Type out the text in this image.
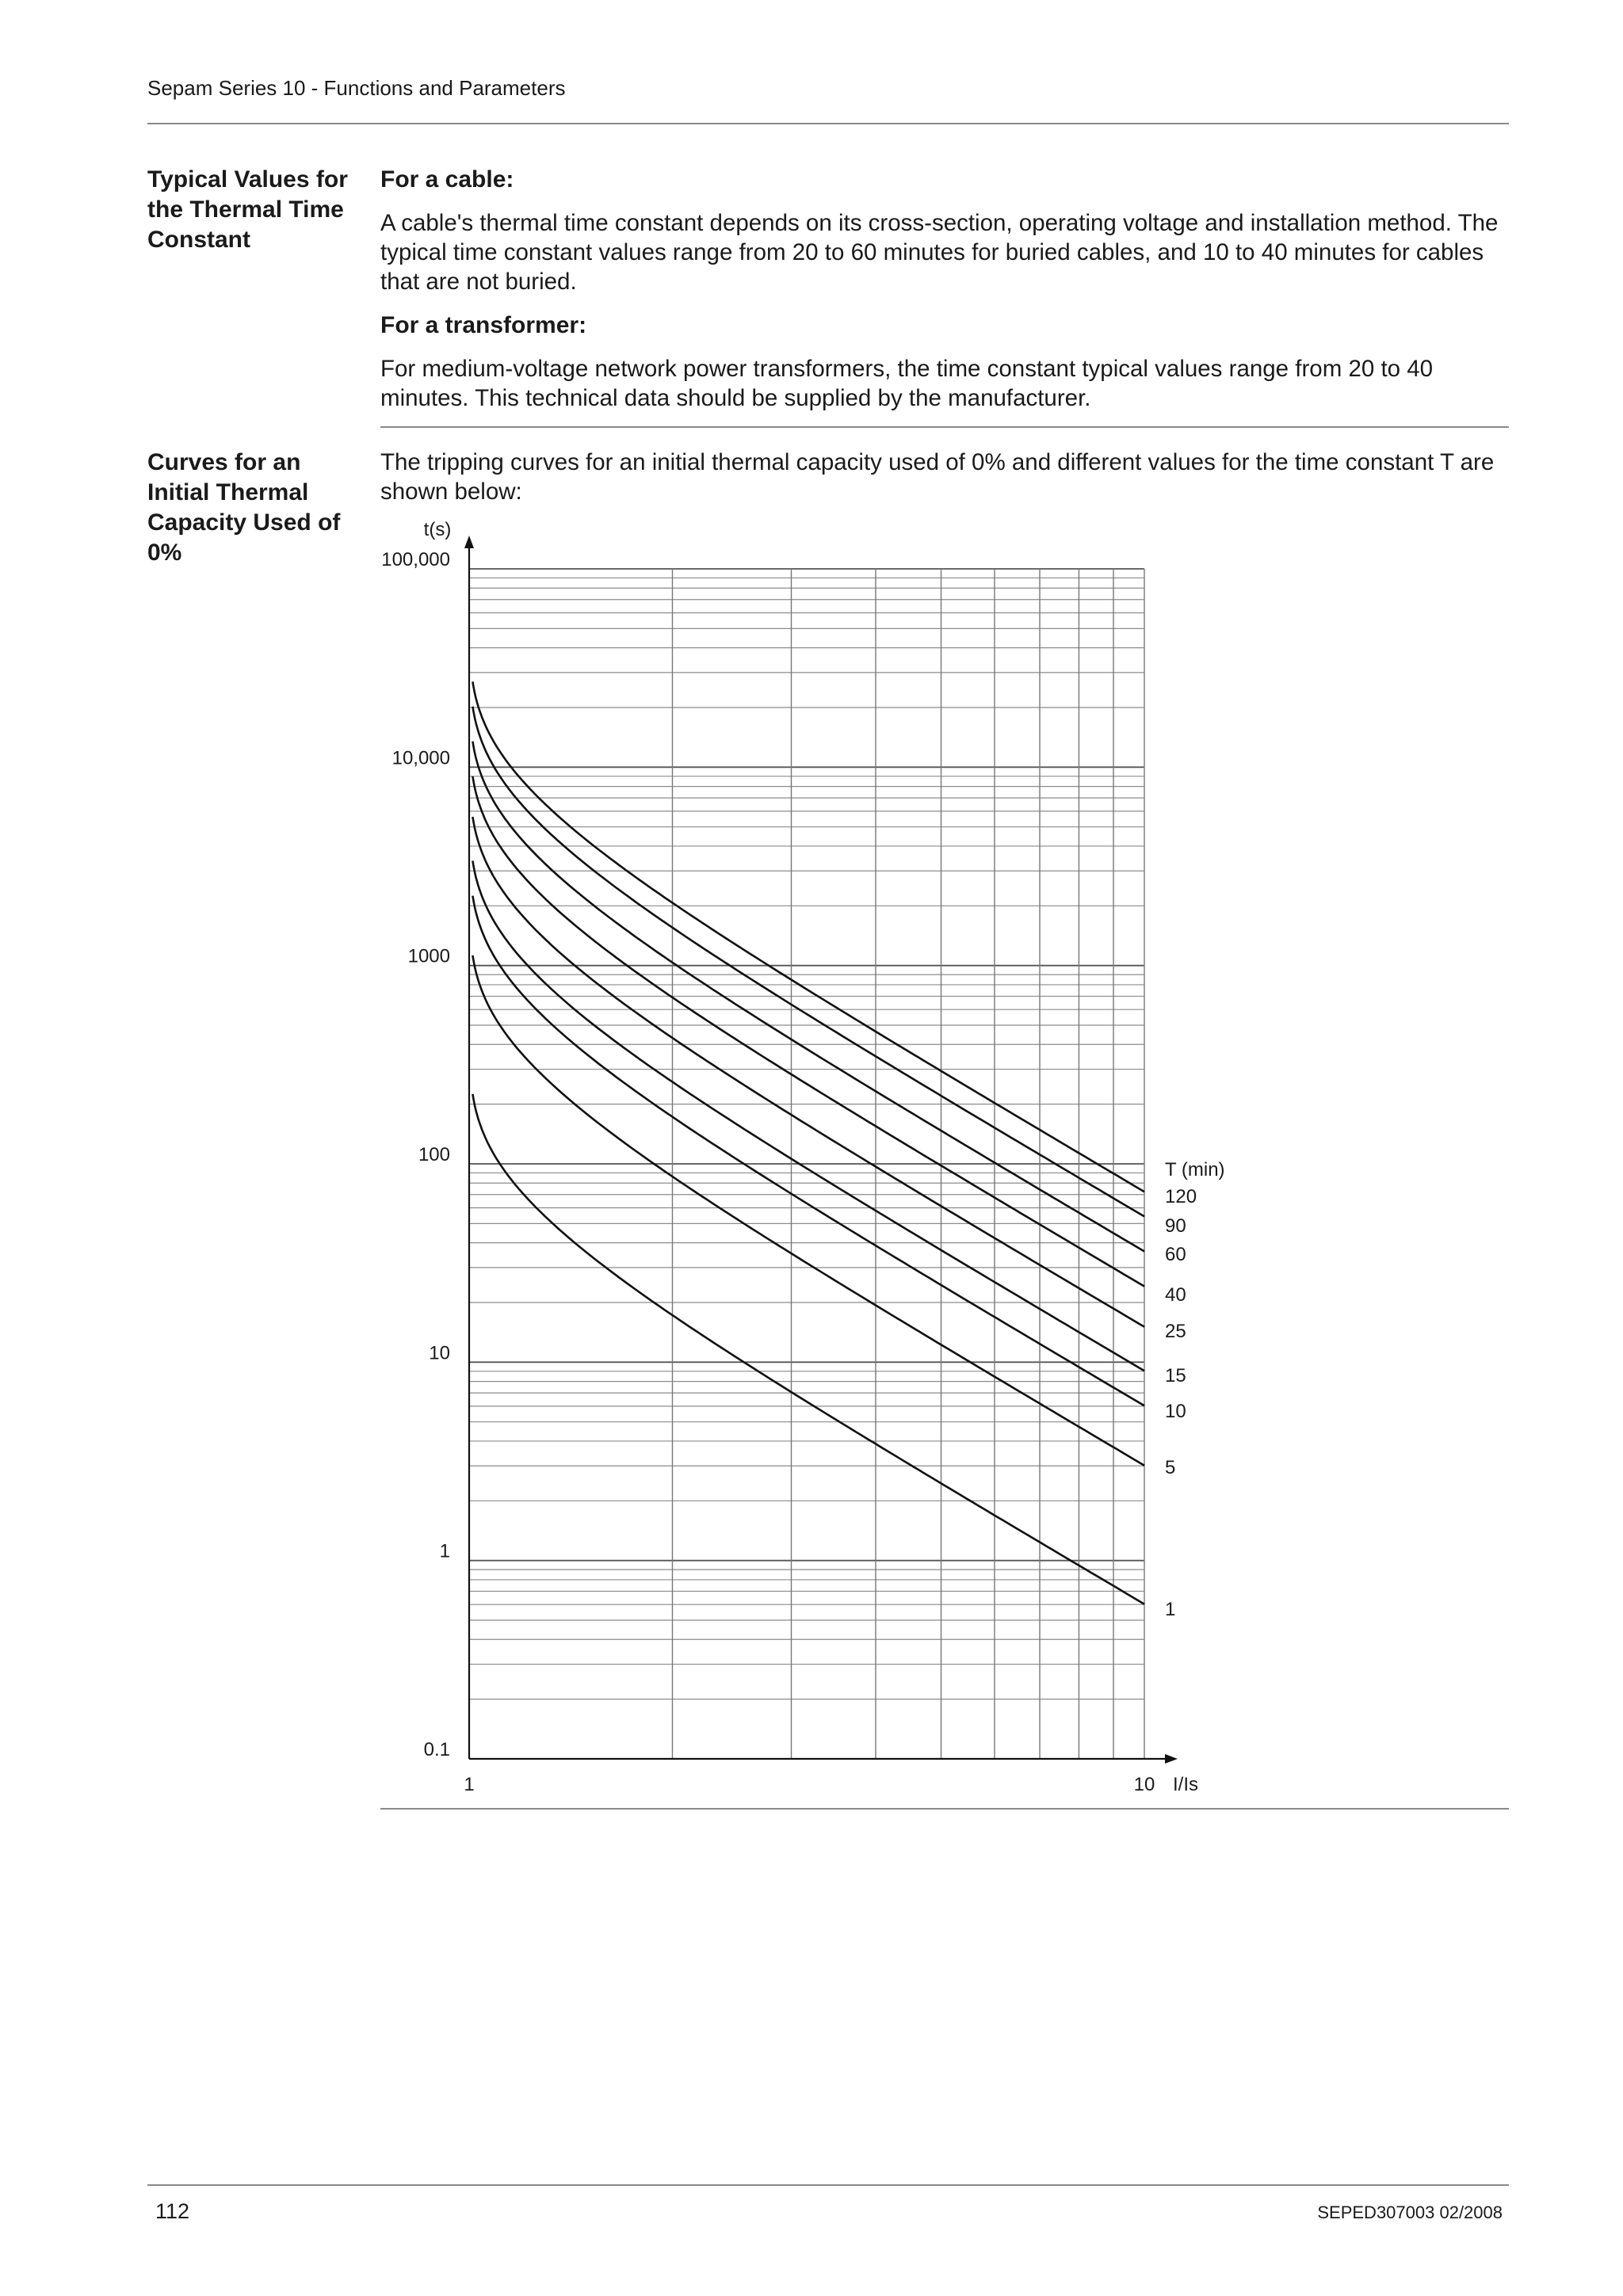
Sepam Series 10 - Functions and Parameters
Typical Values for the Thermal Time Constant
For a cable:

A cable's thermal time constant depends on its cross-section, operating voltage and installation method. The typical time constant values range from 20 to 60 minutes for buried cables, and 10 to 40 minutes for cables that are not buried.

For a transformer:

For medium-voltage network power transformers, the time constant typical values range from 20 to 40 minutes. This technical data should be supplied by the manufacturer.

Curves for an Initial Thermal Capacity Used of 0%
The tripping curves for an initial thermal capacity used of 0% and different values for the time constant T are shown below:
0.1
1
10
100
1000
10,000
100,000
1	10
t(s)
I/Is
T (min)
120
90
60
40
25
15
10
5
1
112	SEPED307003 02/2008
